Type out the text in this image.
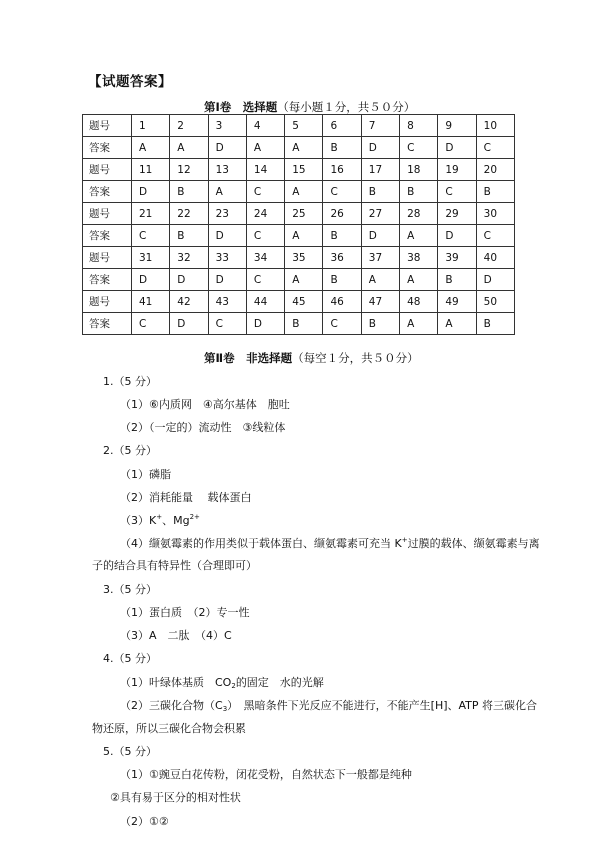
【试题答案】
第Ⅰ卷　选择题（每小题１分，共５０分）
题号	1	2	3	4	5	6	7	8	9	10
答案	A	A	D	A	A	B	D	C	D	C
题号	11	12	13	14	15	16	17	18	19	20
答案	D	B	A	C	A	C	B	B	C	B
题号	21	22	23	24	25	26	27	28	29	30
答案	C	B	D	C	A	B	D	A	D	C
题号	31	32	33	34	35	36	37	38	39	40
答案	D	D	D	C	A	B	A	A	B	D
题号	41	42	43	44	45	46	47	48	49	50
答案	C	D	C	D	B	C	B	A	A	B
第Ⅱ卷　非选择题（每空１分，共５０分）
1.（5 分）
（1）⑥内质网　④高尔基体　胞吐
（2）（一定的）流动性　③线粒体
2.（5 分）
（1）磷脂
（2）消耗能量　 载体蛋白
（3）K+、$Mg^{2+}$
（4）缬氨霉素的作用类似于载体蛋白、缬氨霉素可充当 K+过膜的载体、缬氨霉素与离
子的结合具有特异性（合理即可）
3.（5 分）
（1）蛋白质　（2）专一性
（3）A　二肽　（4）C
4.（5 分）
（1）叶绿体基质　$CO_2$的固定　水的光解
（2）三碳化合物$(C_3)$　黑暗条件下光反应不能进行，不能产生[H]、ATP 将三碳化合
物还原，所以三碳化合物会积累
5.（5 分）
（1）①豌豆白花传粉，闭花受粉，自然状态下一般都是纯种
②具有易于区分的相对性状
（2）①②
